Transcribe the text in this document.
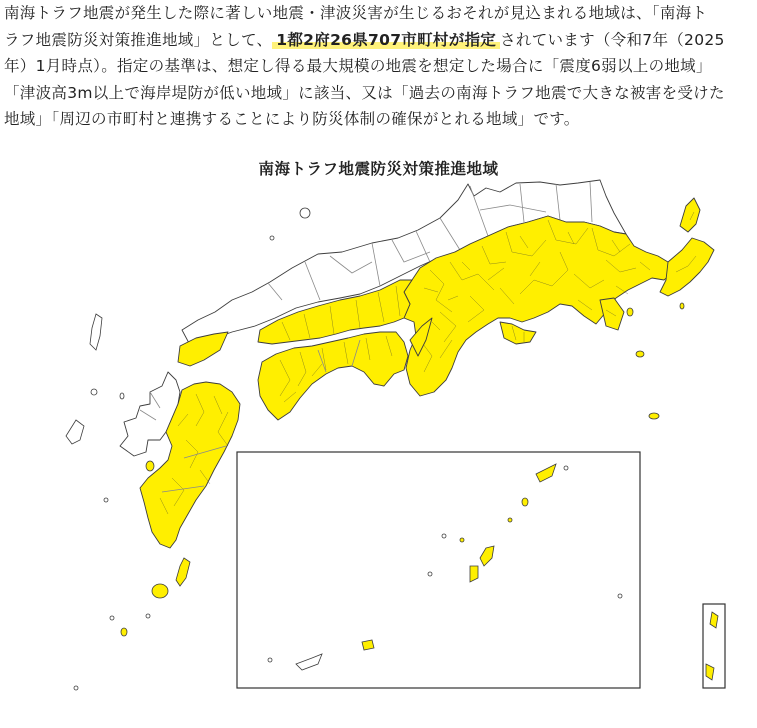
南海トラフ地震が発生した際に著しい地震・津波災害が生じるおそれが見込まれる地域は、「南海ト
ラフ地震防災対策推進地域」として、 1都2府26県707市町村が指定 されています（令和7年（2025
年）1月時点）。指定の基準は、想定し得る最大規模の地震を想定した場合に「震度6弱以上の地域」
「津波高3m以上で海岸堤防が低い地域」に該当、又は「過去の南海トラフ地震で大きな被害を受けた
地域」「周辺の市町村と連携することにより防災体制の確保がとれる地域」です。
南海トラフ地震防災対策推進地域
